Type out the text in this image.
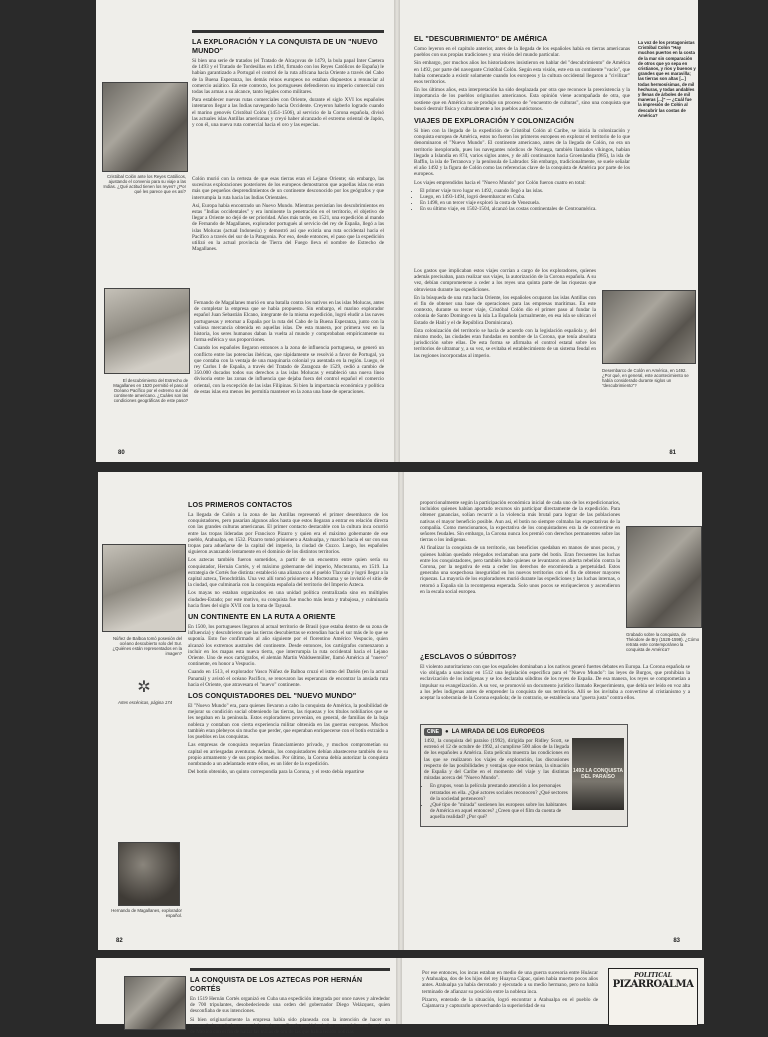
LA EXPLORACIÓN Y LA CONQUISTA DE UN "NUEVO MUNDO"

Si bien una serie de tratados (el Tratado de Alcaçovas de 1479, la bula papal Inter Caetera de 1493 y el Tratado de Tordesillas en 1494, firmado con los Reyes Católicos de España) le habían garantizado a Portugal el control de la ruta africana hacia Oriente a través del Cabo de la Buena Esperanza, los demás reinos europeos no estaban dispuestos a renunciar al comercio asiático. En este contexto, los portugueses defendieron su imperio comercial con todas las armas a su alcance, tanto legales como militares.

Para establecer nuevas rutas comerciales con Oriente, durante el siglo XVI los españoles intentaron llegar a las Indias navegando hacia Occidente. Creyeron haberlo logrado cuando el marino genovés Cristóbal Colón (1451-1506), al servicio de la Corona española, divisó las actuales islas Antillas americanas y creyó haber alcanzado el extremo oriental de Japón, y con él, una nueva ruta comercial hacia el oro y las especias.

Cristóbal Colón ante los Reyes Católicos, ajustando el convenio para su viaje a las Indias. ¿Qué actitud tienen los reyes? ¿Por qué les parece que es así?

Colón murió con la certeza de que esas tierras eran el Lejano Oriente; sin embargo, las sucesivas exploraciones posteriores de los europeos demostraron que aquellas islas no eran más que pequeños desprendimientos de un continente desconocido por los geógrafos y que interrumpía la ruta hacia las Indias Orientales.

Así, Europa había encontrado un Nuevo Mundo. Mientras persistían los descubrimientos en estas "Indias occidentales" y era inminente la penetración en el territorio, el objetivo de llegar a Oriente no dejó de ser prioridad. Años más tarde, en 1521, una expedición al mando de Fernando de Magallanes, explorador portugués al servicio del rey de España, llegó a las islas Molucas (actual Indonesia) y demostró así que existía una ruta occidental hacia el Pacífico a través del sur de la Patagonia. Por eso, desde entonces, el paso que la expedición utilizó en la actual provincia de Tierra del Fuego lleva el nombre de Estrecho de Magallanes.

El descubrimiento del Estrecho de Magallanes en 1520 permitió el paso al Océano Pacífico por el extremo sur del continente americano. ¿Cuáles son las condiciones geográficas de este paso?

Fernando de Magallanes murió en una batalla contra los nativos en las islas Molucas, antes de completar la empresa que se había propuesto. Sin embargo, el marino explorador español Juan Sebastián Elcano, integrante de la misma expedición, logró eludir a las naves portuguesas y retornar a España por la ruta del Cabo de la Buena Esperanza, junto con la valiosa mercancía obtenida en aquellas islas. De esta manera, por primera vez en la historia, los seres humanos daban la vuelta al mundo y comprobaban empíricamente su forma esférica y sus proporciones.

Cuando los españoles llegaron entonces a la zona de influencia portuguesa, se generó un conflicto entre las potencias ibéricas, que rápidamente se resolvió a favor de Portugal, ya que contaba con la ventaja de una maquinaria colonial ya asentada en la región. Luego, el rey Carlos I de España, a través del Tratado de Zaragoza de 1529, cedió a cambio de 350.000 ducados todos sus derechos a las islas Molucas y estableció una nueva línea divisoria entre las zonas de influencia que dejaba fuera del control español el comercio oriental, con la excepción de las islas Filipinas. Si bien la importancia económica y política de estas islas era menos les permitía mantener en la zona una base de operaciones.

80
EL "DESCUBRIMIENTO" DE AMÉRICA

Como leyeron en el capítulo anterior, antes de la llegada de los españoles había en tierras americanas pueblos con sus propias tradiciones y una visión del mundo particular.

Sin embargo, por muchos años los historiadores insistieron en hablar del "descubrimiento" de América en 1492, por parte del navegante Cristóbal Colón. Según esta visión, este era un continente "vacío", que había comenzado a existir solamente cuando los europeos y la cultura occidental llegaron a "civilizar" esos territorios.

En los últimos años, esta interpretación ha sido desplazada por otra que reconoce la preexistencia y la importancia de los pueblos originarios americanos. Esta opinión viene acompañada de otra, que sostiene que en América no se produjo un proceso de "encuentro de culturas", sino una conquista que buscó destruir física y culturalmente a los pueblos autóctonos.

VIAJES DE EXPLORACIÓN Y COLONIZACIÓN

Si bien con la llegada de la expedición de Cristóbal Colón al Caribe, se inicia la colonización y conquista europea de América, estos no fueron los primeros europeos en explorar el territorio de lo que denominaron el "Nuevo Mundo". El continente americano, antes de la llegada de Colón, no era un territorio inexplorado, pues los navegantes nórdicos de Noruega, también llamados vikingos, habían llegado a Islandia en 874, varios siglos antes, y de allí continuaron hacia Groenlandia (985), la isla de Baffin, la isla de Terranova y la península de Labrador. Sin embargo, tradicionalmente, se suele señalar el año 1492 y la figura de Colón como las referencias clave de la conquista de América por parte de los europeos.

Los viajes emprendidos hacia el "Nuevo Mundo" por Colón fueron cuatro en total:

• El primer viaje tuvo lugar en 1492, cuando llegó a las islas.
• Luego, en 1493-1494, logró desembarcar en Cuba.
• En 1498, en un tercer viaje exploró la costa de Venezuela.
• En su último viaje, en 1502-1504, alcanzó las costas continentales de Centroamérica.

Los gastos que implicaban estos viajes corrían a cargo de los exploradores, quienes además precisaban, para realizar sus viajes, la autorización de la Corona española. A su vez, debían comprometerse a ceder a los reyes una quinta parte de las riquezas que obtuvieran durante las expediciones.

En la búsqueda de una ruta hacia Oriente, los españoles ocuparon las islas Antillas con el fin de obtener una base de operaciones para las empresas marítimas. En este contexto, durante su tercer viaje, Cristóbal Colón dio el primer paso al fundar la colonia de Santo Domingo en la isla La Española (actualmente, en esa isla se ubican el Estado de Haití y el de República Dominicana).

Esta colonización del territorio se hacía de acuerdo con la legislación española y, del mismo modo, las ciudades eran fundadas en nombre de la Corona, que tenía absoluta jurisdicción sobre ellas. De esta forma se afirmaba el control estatal sobre los territorios de ultramar y, a su vez, se evitaba el establecimiento de un sistema feudal en las regiones incorporadas al imperio.

La voz de los protagonistas Cristóbal Colón "Hay muchos puertos en la costa de la mar sin comparación de otros que yo sepa en cristianos, y ríos y buenos y grandes que es maravilla; las tierras son altas [...] todas hermosísimas, de mil hechuras, y todas andables y llenas de árboles de mil maneras [...]" — ¿Cuál fue la impresión de Colón al descubrir las costas de América?
Desembarco de Colón en América, en 1492. ¿Por qué, en general, este acontecimiento se había considerado durante siglos un "descubrimiento"?
81
LOS PRIMEROS CONTACTOS

La llegada de Colón a la zona de las Antillas representó el primer desembarco de los conquistadores, pero pasarían algunos años hasta que estos llegaran a entrar en relación directa con las grandes culturas americanas. El primer contacto destacable con la cultura inca ocurrió entre las tropas lideradas por Francisco Pizarro y quien era el máximo gobernante de ese pueblo, Atahualpa, en 1532. Pizarro tomó prisionero a Atahualpa, y marchó hacia el sur con sus tropas para adueñarse de la capital del imperio, la ciudad de Cuzco. Luego, los españoles siguieron avanzando lentamente en el dominio de los distintos territorios.

Los aztecas también fueron sometidos, a partir de un encuentro entre quien sería su conquistador, Hernán Cortés, y el máximo gobernante del imperio, Moctezuma, en 1519. La estrategia de Cortés fue distinta: estableció una alianza con el pueblo Tlaxcala y logró llegar a la capital azteca, Tenochtitlán. Una vez allí tomó prisionero a Moctezuma y se invistió el sitio de la ciudad, que culminaría con la conquista española del territorio del Imperio Azteca.

Los mayas no estaban organizados en una unidad política centralizada sino en múltiples ciudades-Estado; por este motivo, su conquista fue mucho más lenta y trabajosa, y culminaría hacia fines del siglo XVII con la toma de Tayasal.

UN CONTINENTE EN LA RUTA A ORIENTE

En 1500, los portugueses llegaron al actual territorio de Brasil (que estaba dentro de su zona de influencia) y descubrieron que las tierras descubiertas se extendían hacia el sur más de lo que se suponía. Esto fue confirmado al año siguiente por el florentino Américo Vespucio, quien alcanzó los extremos australes del continente. Desde entonces, los cartógrafos comenzaron a incluir en los mapas esta nueva tierra, que interrumpía la ruta occidental hacia el Lejano Oriente. Uno de esos cartógrafos, el alemán Martin Waldseemüller, llamó América al "nuevo" continente, en honor a Vespucio.

Cuando en 1513, el explorador Vasco Núñez de Balboa cruzó el istmo del Darién (en la actual Panamá) y avistó el océano Pacífico, se renovaron las esperanzas de encontrar la ansiada ruta hacia el Oriente, que atravesara el "nuevo" continente.

LOS CONQUISTADORES DEL "NUEVO MUNDO"

El "Nuevo Mundo" era, para quienes llevaron a cabo la conquista de América, la posibilidad de mejorar su condición social obteniendo las tierras, las riquezas y los títulos nobiliarios que se les negaban en la península. Estos exploradores provenían, en general, de familias de la baja nobleza y contaban con cierta experiencia militar obtenida en las guerras europeas. Muchos también eran plebeyos sin mucho que perder, que esperaban enriquecerse con el botín extraído a los pueblos en las conquistas.

Las empresas de conquista requerían financiamiento privado, y muchos comprometían su capital en arriesgadas aventuras. Además, los conquistadores debían abastecerse también de su propio armamento y de sus propios medios. Por último, la Corona debía autorizar la conquista nombrando a un adelantado entre ellos, es un líder de la expedición.

Del botín obtenido, un quinto correspondía para la Corona, y el resto debía repartirse

Núñez de Balboa tomó posesión del océano descubierto solo del Sur. ¿Quiénes están representados en la imagen?
✲
Artes escénicas, página 174
Hernando de Magallanes, explorador español.
82

proporcionalmente según la participación económica inicial de cada uno de los expedicionarios, incluidos quienes habían aportado recursos sin participar directamente de la expedición. Para obtener ganancias, solían recurrir a la violencia más brutal para lograr de las poblaciones nativas el mayor beneficio posible. Aun así, el botín no siempre colmaba las expectativas de la compañía. Como mencionamos, la expectativa de los conquistadores era la de convertirse en señores feudales. Sin embargo, la Corona nunca los premió con derechos permanentes sobre las tierras o los indígenas.

Al finalizar la conquista de un territorio, sus beneficios quedaban en manos de unos pocos, y quienes habían quedado relegados reclamaban una parte del botín. Eran frecuentes las luchas entre los conquistadores, pero también hubo quienes se levantaron en abierta rebelión contra la Corona, por la negativa de esta a ceder los derechos de encomienda a perpetuidad. Estos generaba una sospechosa inseguridad en los nuevos territorios con el fin de obtener mayores riquezas. La mayoría de los exploradores murió durante las expediciones y las luchas internas, o retornó a España sin la recompensa esperada. Solo unos pocos se enriquecieron y ascendieron en la escala social europea.

Grabado sobre la conquista, de Théodore de Bry (1528-1598). ¿Cómo retrata este contemporáneo la conquista de América?
¿ESCLAVOS O SÚBDITOS?

El violento autoritarismo con que los españoles dominaban a los nativos generó fuertes debates en Europa. La Corona española se vio obligada a sancionar en 1512 una legislación específica para el "Nuevo Mundo": las leyes de Burgos, que prohibían la esclavización de los indígenas y se los declaraba súbditos de los reyes de España. De esa manera, los reyes se comprometían a impulsar su evangelización. A su vez, se promovió un documento jurídico llamado Requerimiento, que debía ser leído en voz alta a los jefes indígenas antes de emprender la conquista de sus territorios. Allí se los invitaba a convertirse al cristianismo y a aceptar la soberanía de la Corona española; de lo contrario, se establecía una "guerra justa" contra ellos.

CINE	● LA MIRADA DE LOS EUROPEOS

1492, la conquista del paraíso (1992), dirigida por Ridley Scott, se estrenó el 12 de octubre de 1992, al cumplirse 500 años de la llegada de los españoles a América. Esta película muestra las condiciones en las que se realizaron los viajes de exploración, las discusiones respecto de las posibilidades y ventajas que estos tenían, la situación de España y del Caribe en el momento del viaje y las distintas miradas acerca del "Nuevo Mundo".

• En grupos, vean la película prestando atención a los personajes retratados en ella. ¿Qué actores sociales reconocen? ¿Qué sectores de la sociedad pertenecen?
• ¿Qué tipo de "mirada" sostienen los europeos sobre los habitantes de América en aquel entonces? ¿Creen que el film da cuenta de aquella realidad? ¿Por qué?
1492 LA CONQUISTA DEL PARAÍSO
83
LA CONQUISTA DE LOS AZTECAS POR HERNÁN CORTÉS

En 1519 Hernán Cortés organizó en Cuba una expedición integrada por once naves y alrededor de 700 tripulantes, desobedeciendo una orden del gobernador Diego Velázquez, quien desconfiaba de sus intenciones.

Si bien originariamente la empresa había sido planeada con la intención de hacer un reconocimiento de las costas del continente, Cortés partió hacia las costas del actual territorio de México con el fin de hallar las minas de oro de las que había tenido noticias

Por ese entonces, los incas estaban en medio de una guerra sucesoria entre Huáscar y Atahualpa, dos de los hijos del rey Huayna Cápac, quien había muerto pocos años antes. Atahualpa ya había derrotado y ejecutado a su medio hermano, pero no había terminado de afianzar su posición entre la nobleza inca.

Pizarro, enterado de la situación, logró encontrar a Atahualpa en el pueblo de Cajamarca y capturarlo aprovechando la superioridad de su

POLITICAL
PIZARROALMA
